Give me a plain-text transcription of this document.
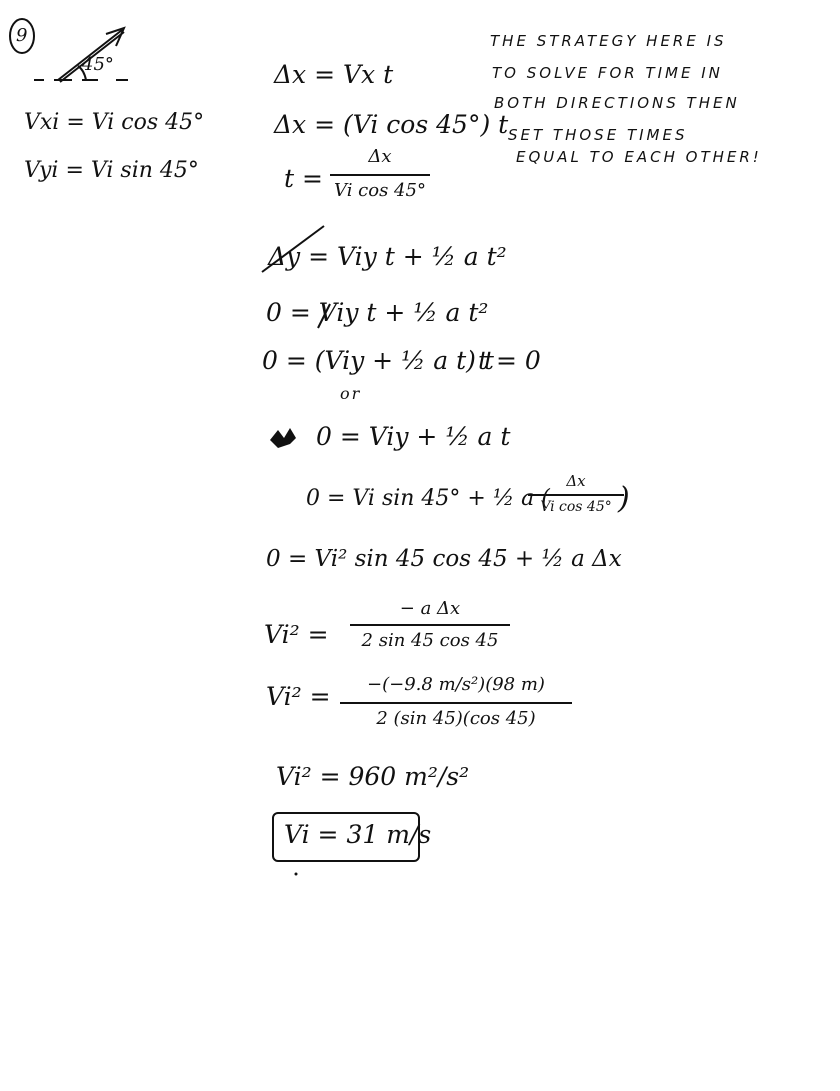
9
45°
Vxi = Vi cos 45°
Vyi = Vi sin 45°
THE STRATEGY HERE IS
TO SOLVE FOR TIME IN
BOTH DIRECTIONS THEN
SET THOSE TIMES
EQUAL TO EACH OTHER!
Δx = Vx t
Δx = (Vi cos 45°) t
t =
Δx
Vi cos 45°
Δy = Viy t + ½ a t²
0 = Viy t + ½ a t²
0 = (Viy + ½ a t) t
t = 0
or
0 = Viy + ½ a t
0 = Vi sin 45° + ½ a (
Δx
Vi cos 45° )
0 = Vi² sin 45 cos 45 + ½ a Δx
Vi² =
− a Δx
2 sin 45 cos 45
Vi² =	−(−9.8 m/s²)(98 m)
2 (sin 45)(cos 45)
Vi² = 960 m²/s²
Vi = 31 m/s
